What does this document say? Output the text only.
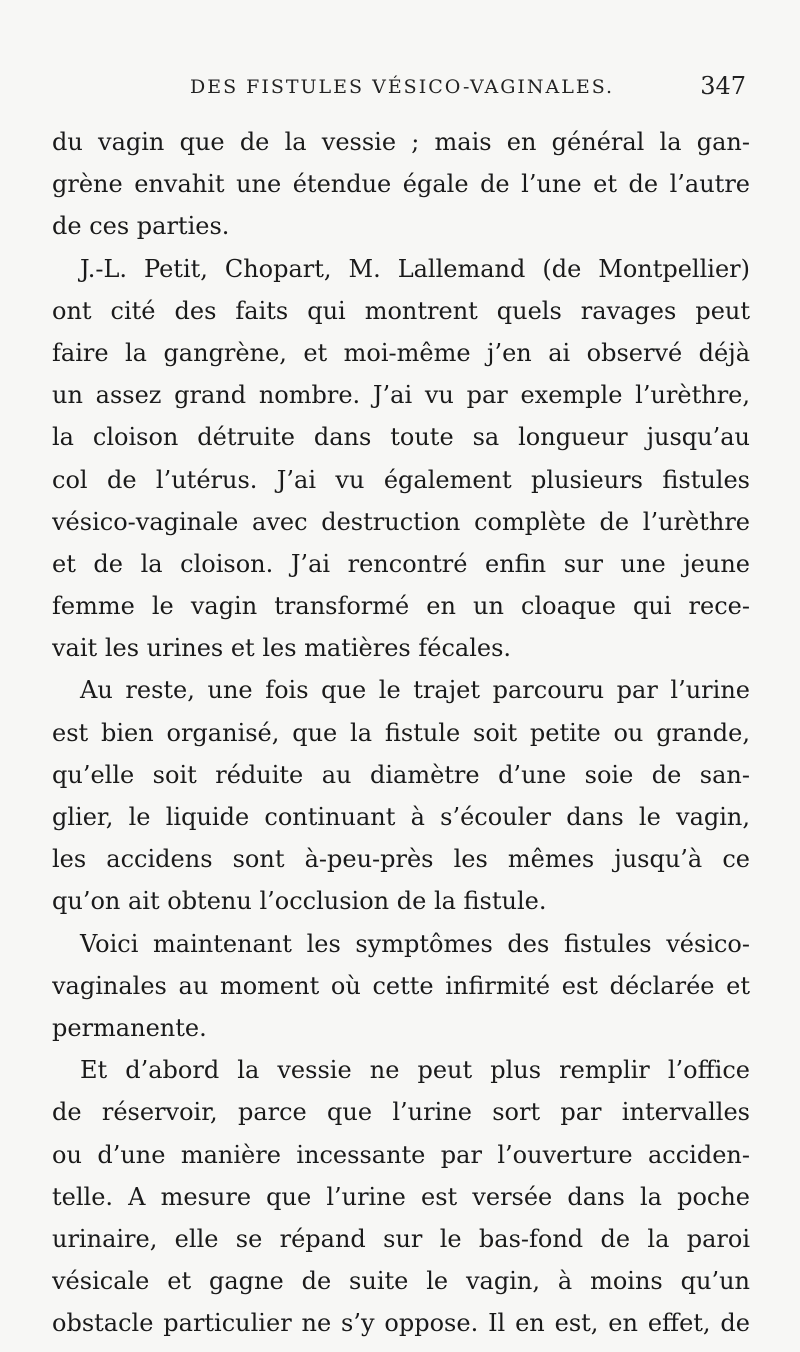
DES FISTULES VÉSICO-VAGINALES.	347
du vagin que de la vessie ; mais en général la gan-
grène envahit une étendue égale de l’une et de l’autre
de ces parties.
J.-L. Petit, Chopart, M. Lallemand (de Montpellier)
ont cité des faits qui montrent quels ravages peut
faire la gangrène, et moi-même j’en ai observé déjà
un assez grand nombre. J’ai vu par exemple l’urèthre,
la cloison détruite dans toute sa longueur jusqu’au
col de l’utérus. J’ai vu également plusieurs fistules
vésico-vaginale avec destruction complète de l’urèthre
et de la cloison. J’ai rencontré enfin sur une jeune
femme le vagin transformé en un cloaque qui rece-
vait les urines et les matières fécales.
Au reste, une fois que le trajet parcouru par l’urine
est bien organisé, que la fistule soit petite ou grande,
qu’elle soit réduite au diamètre d’une soie de san-
glier, le liquide continuant à s’écouler dans le vagin,
les accidens sont à-peu-près les mêmes jusqu’à ce
qu’on ait obtenu l’occlusion de la fistule.
Voici maintenant les symptômes des fistules vésico-
vaginales au moment où cette infirmité est déclarée et
permanente.
Et d’abord la vessie ne peut plus remplir l’office
de réservoir, parce que l’urine sort par intervalles
ou d’une manière incessante par l’ouverture acciden-
telle. A mesure que l’urine est versée dans la poche
urinaire, elle se répand sur le bas-fond de la paroi
vésicale et gagne de suite le vagin, à moins qu’un
obstacle particulier ne s’y oppose. Il en est, en effet, de
